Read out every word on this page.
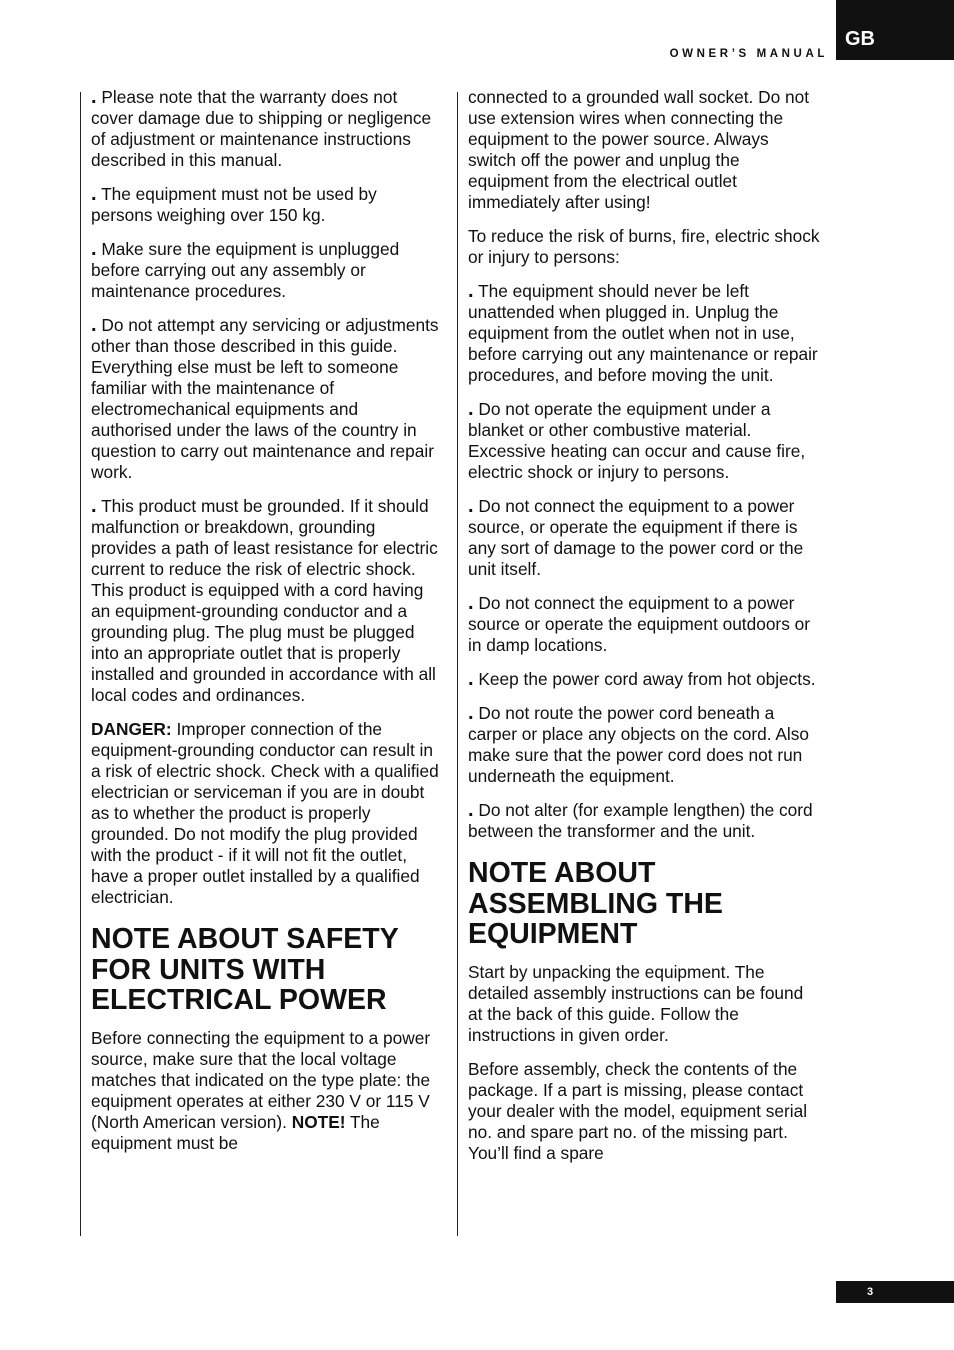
GB
OWNER’S MANUAL

. Please note that the warranty does not cover damage due to shipping or negligence of adjustment or maintenance instructions described in this manual.

. The equipment must not be used by persons weighing over 150 kg.

. Make sure the equipment is unplugged before carrying out any assembly or maintenance procedures.

. Do not attempt any servicing or adjustments other than those described in this guide. Everything else must be left to someone familiar with the maintenance of electromechanical equipments and authorised under the laws of the country in question to carry out maintenance and repair work.

. This product must be grounded. If it should malfunction or breakdown, grounding provides a path of least resistance for electric current to reduce the risk of electric shock. This product is equipped with a cord having an equipment-grounding conductor and a grounding plug. The plug must be plugged into an appropriate outlet that is properly installed and grounded in accordance with all local codes and ordinances.

DANGER: Improper connection of the equipment-grounding conductor can result in a risk of electric shock. Check with a qualified electrician or serviceman if you are in doubt as to whether the product is properly grounded. Do not modify the plug provided with the product - if it will not fit the outlet, have a proper outlet installed by a qualified electrician.

NOTE ABOUT SAFETY FOR UNITS WITH ELECTRICAL POWER

Before connecting the equipment to a power source, make sure that the local voltage matches that indicated on the type plate: the equipment operates at either 230 V or 115 V (North American version). NOTE! The equipment must be

connected to a grounded wall socket. Do not use extension wires when connecting the equipment to the power source. Always switch off the power and unplug the equipment from the electrical outlet immediately after using!

To reduce the risk of burns, fire, electric shock or injury to persons:

. The equipment should never be left unattended when plugged in. Unplug the equipment from the outlet when not in use, before carrying out any maintenance or repair procedures, and before moving the unit.

. Do not operate the equipment under a blanket or other combustive material. Excessive heating can occur and cause fire, electric shock or injury to persons.

. Do not connect the equipment to a power source, or operate the equipment if there is any sort of damage to the power cord or the unit itself.

. Do not connect the equipment to a power source or operate the equipment outdoors or in damp locations.

. Keep the power cord away from hot objects.

. Do not route the power cord beneath a carper or place any objects on the cord. Also make sure that the power cord does not run underneath the equipment.

. Do not alter (for example lengthen) the cord between the transformer and the unit.

NOTE ABOUT ASSEMBLING THE EQUIPMENT

Start by unpacking the equipment. The detailed assembly instructions can be found at the back of this guide. Follow the instructions in given order.

Before assembly, check the contents of the package. If a part is missing, please contact your dealer with the model, equipment serial no. and spare part no. of the missing part. You’ll find a spare

3
